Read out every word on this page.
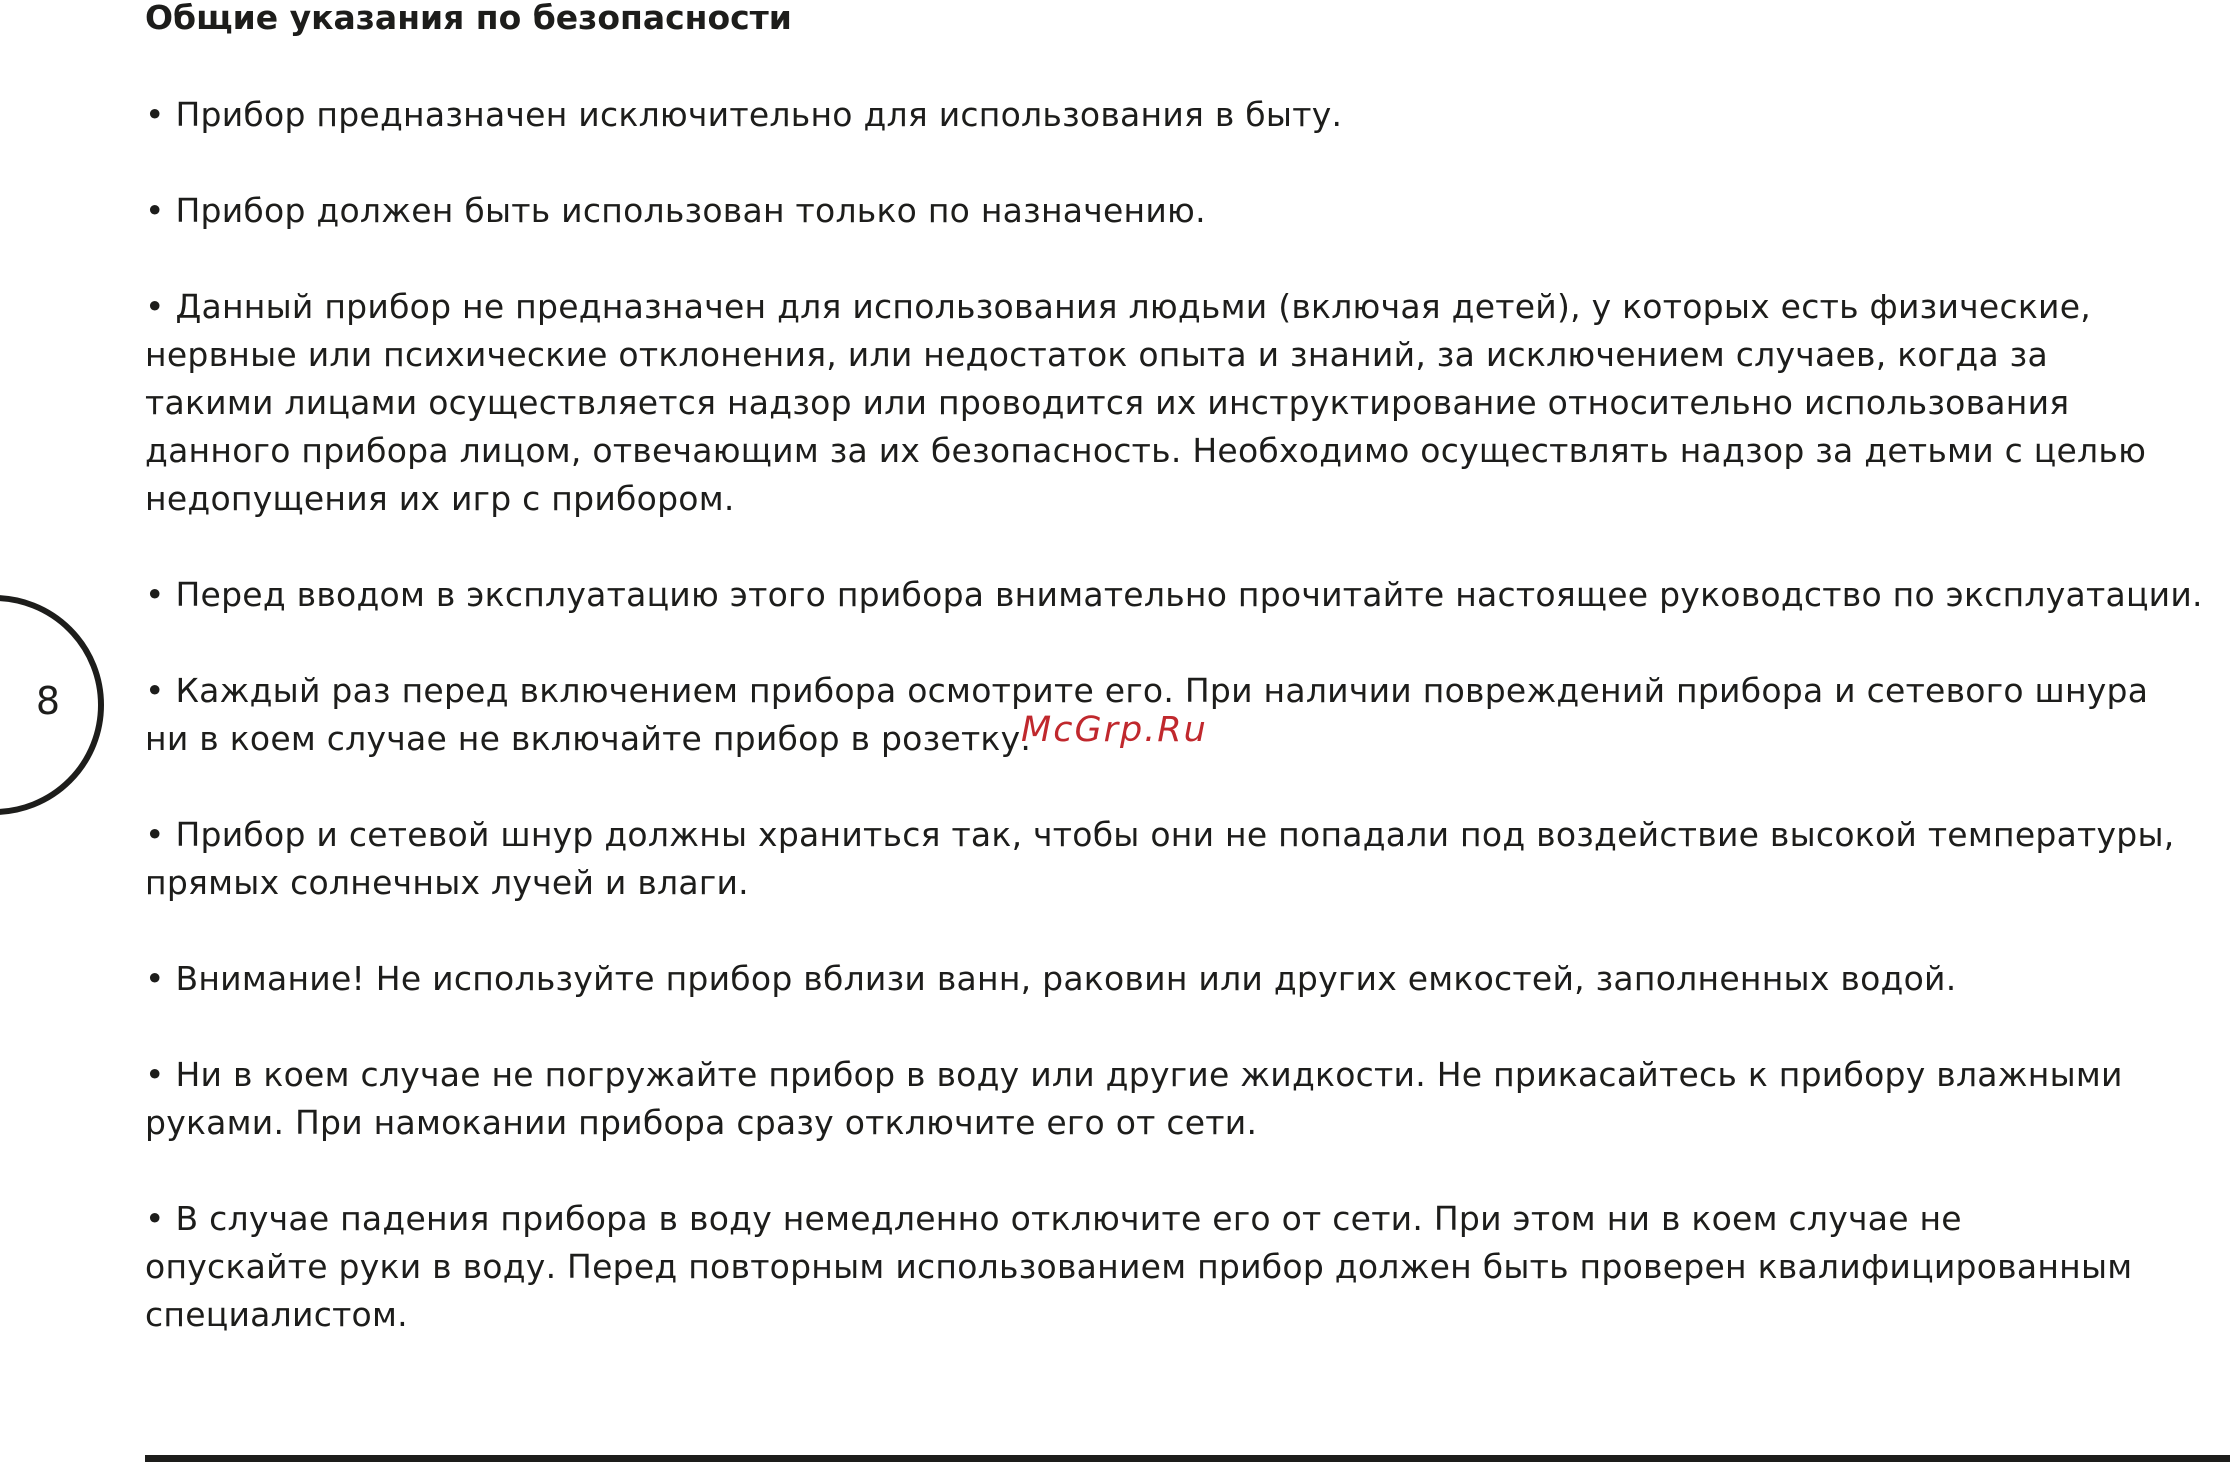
Общие указания по безопасности
8
• Прибор предназначен исключительно для использования в быту.
• Прибор должен быть использован только по назначению.
• Данный прибор не предназначен для использования людьми (включая детей), у которых есть физические,
нервные или психические отклонения, или недостаток опыта и знаний, за исключением случаев, когда за
такими лицами осуществляется надзор или проводится их инструктирование относительно использования
данного прибора лицом, отвечающим за их безопасность. Необходимо осуществлять надзор за детьми с целью
недопущения их игр с прибором.
• Перед вводом в эксплуатацию этого прибора внимательно прочитайте настоящее руководство по эксплуатации.
• Каждый раз перед включением прибора осмотрите его. При наличии повреждений прибора и сетевого шнура
ни в коем случае не включайте прибор в розетку.
• Прибор и сетевой шнур должны храниться так, чтобы они не попадали под воздействие высокой температуры,
прямых солнечных лучей и влаги.
• Внимание! Не используйте прибор вблизи ванн, раковин или других емкостей, заполненных водой.
• Ни в коем случае не погружайте прибор в воду или другие жидкости. Не прикасайтесь к прибору влажными
руками. При намокании прибора сразу отключите его от сети.
• В случае падения прибора в воду немедленно отключите его от сети. При этом ни в коем случае не
опускайте руки в воду. Перед повторным использованием прибор должен быть проверен квалифицированным
специалистом.
McGrp.Ru
